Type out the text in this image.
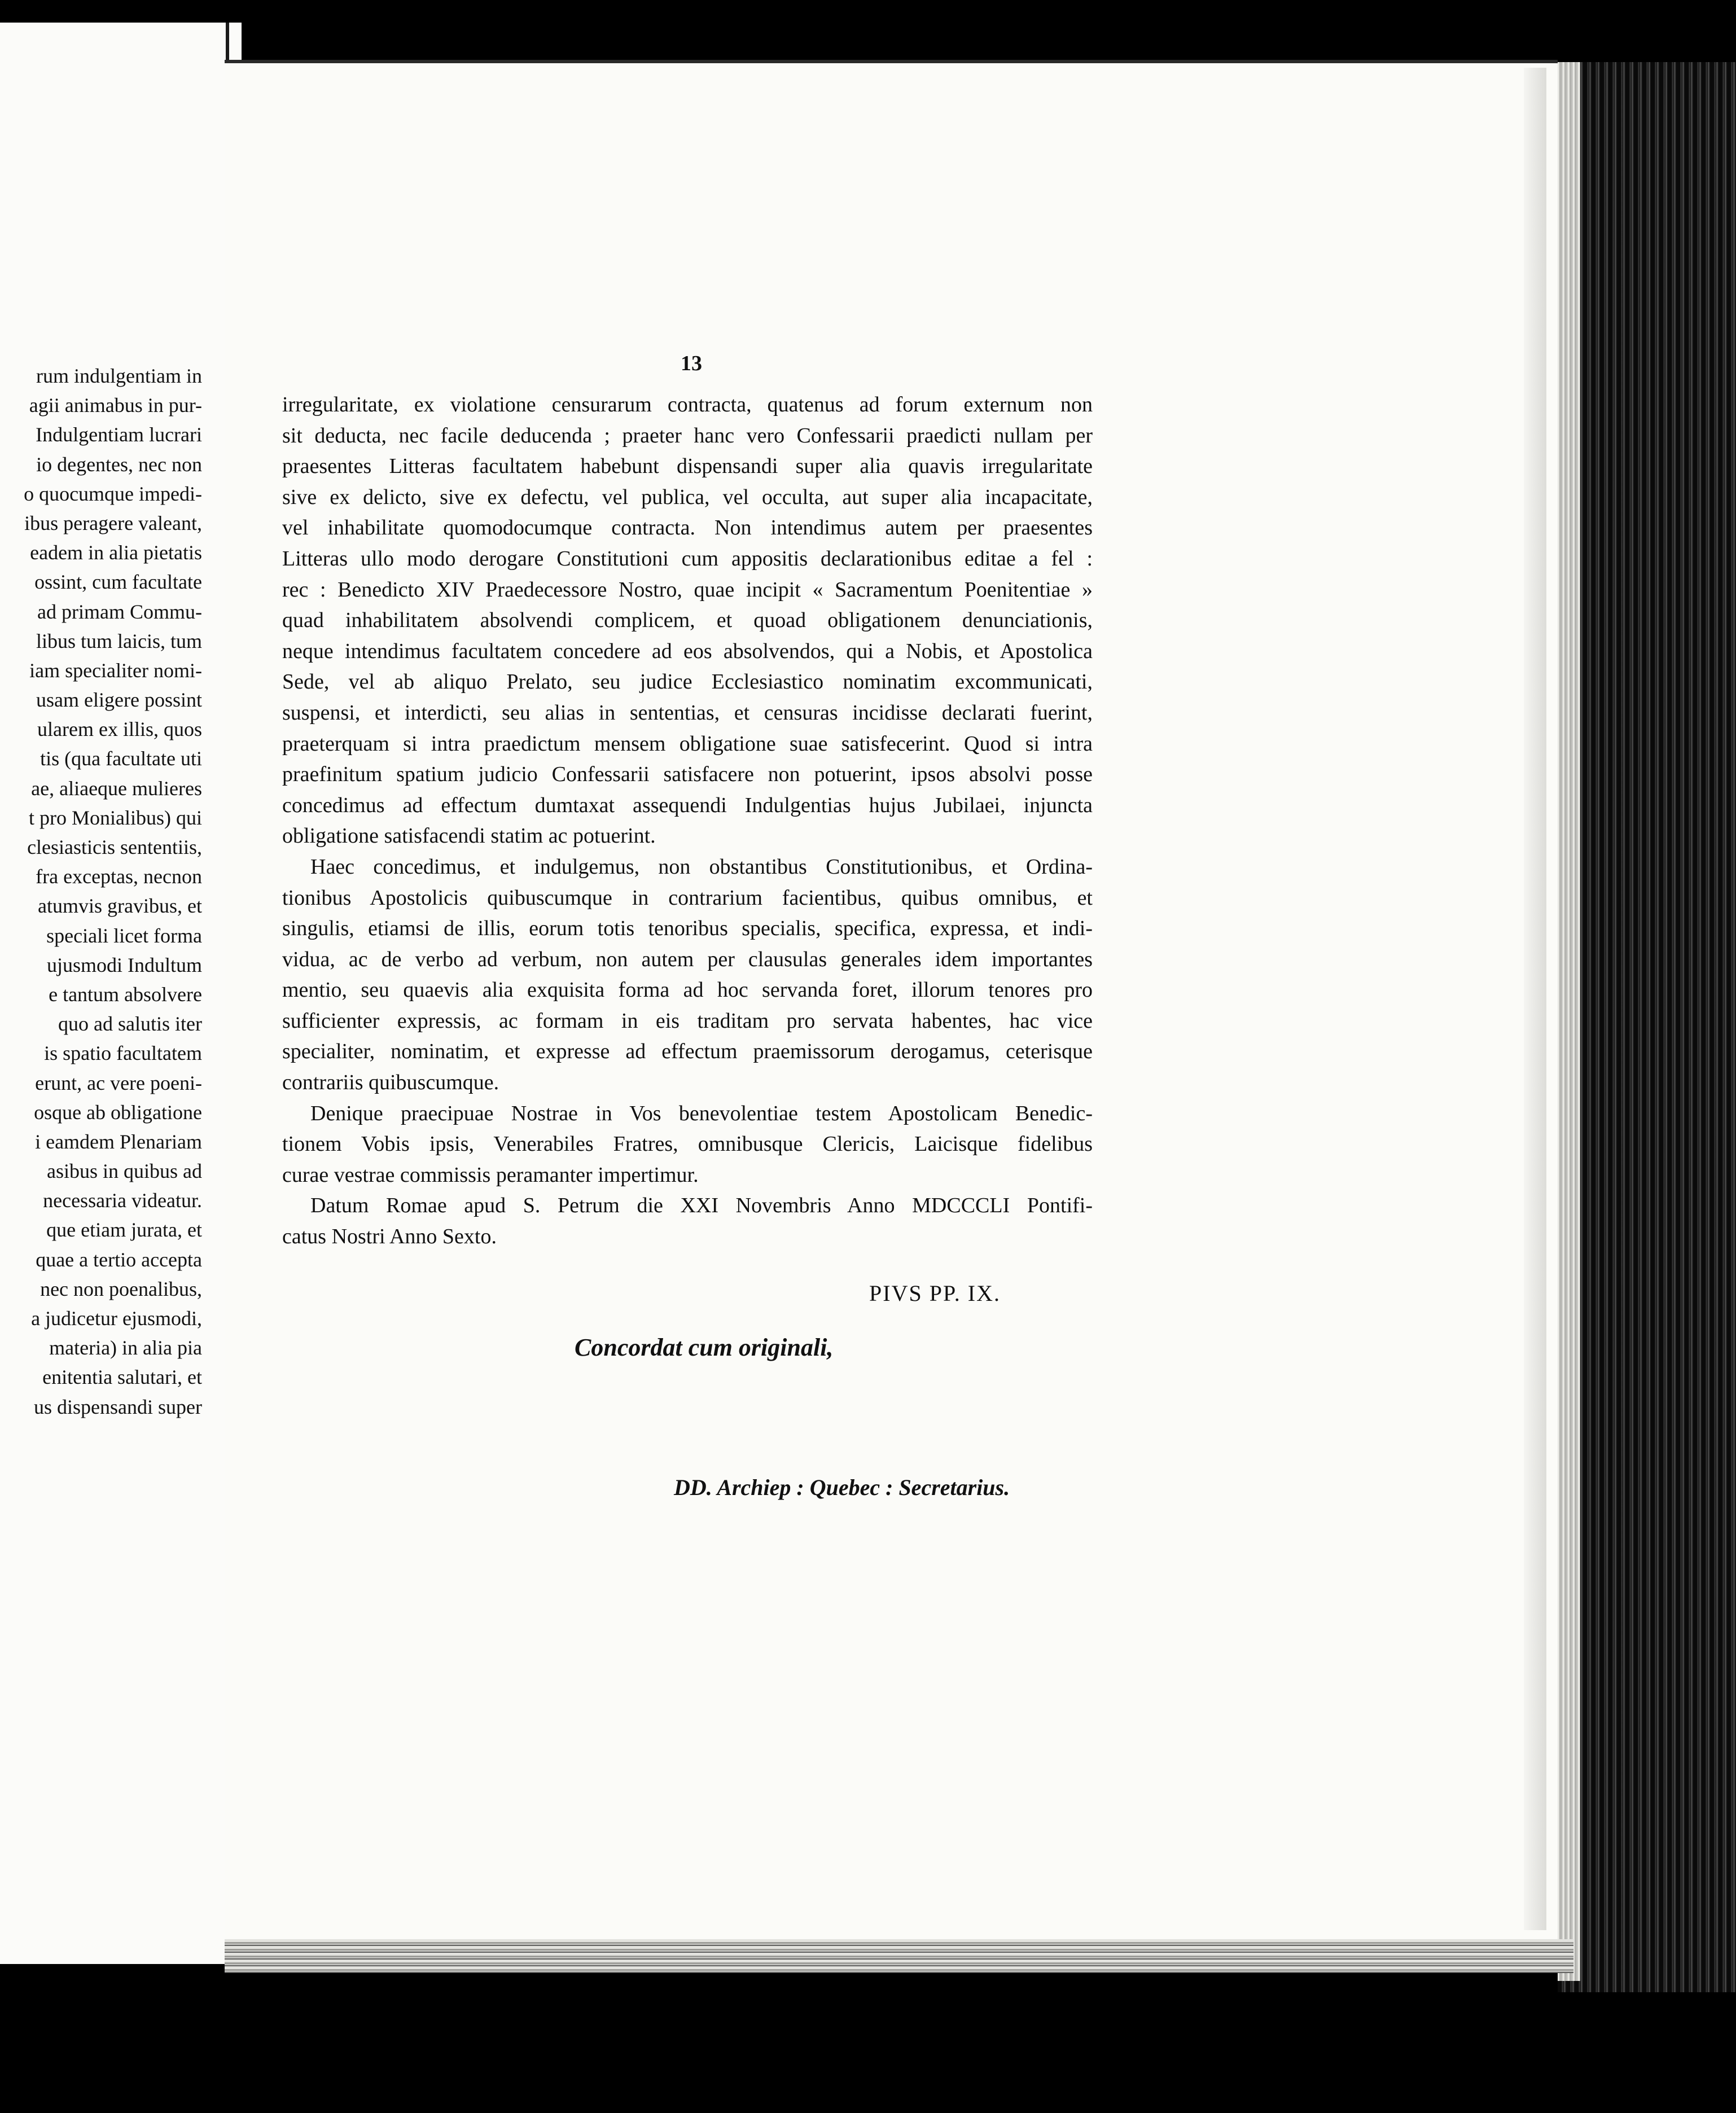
rum indulgentiam in
agii animabus in pur-
Indulgentiam lucrari
io degentes, nec non
o quocumque impedi-
ibus peragere valeant,
eadem in alia pietatis
ossint, cum facultate
ad primam Commu-
libus tum laicis, tum
iam specialiter nomi-
usam eligere possint
ularem ex illis, quos
tis (qua facultate uti
ae, aliaeque mulieres
t pro Monialibus) qui
clesiasticis sententiis,
fra exceptas, necnon
atumvis gravibus, et
speciali licet forma
ujusmodi Indultum
e tantum absolvere
quo ad salutis iter
is spatio facultatem
erunt, ac vere poeni-
osque ab obligatione
i eamdem Plenariam
asibus in quibus ad
necessaria videatur.
que etiam jurata, et
quae a tertio accepta
nec non poenalibus,
a judicetur ejusmodi,
materia) in alia pia
enitentia salutari, et
us dispensandi super
13
irregularitate, ex violatione censurarum contracta, quatenus ad forum externum non
sit deducta, nec facile deducenda ; praeter hanc vero Confessarii praedicti nullam per
praesentes Litteras facultatem habebunt dispensandi super alia quavis irregularitate
sive ex delicto, sive ex defectu, vel publica, vel occulta, aut super alia incapacitate,
vel inhabilitate quomodocumque contracta. Non intendimus autem per praesentes
Litteras ullo modo derogare Constitutioni cum appositis declarationibus editae a fel :
rec : Benedicto XIV Praedecessore Nostro, quae incipit « Sacramentum Poenitentiae »
quad inhabilitatem absolvendi complicem, et quoad obligationem denunciationis,
neque intendimus facultatem concedere ad eos absolvendos, qui a Nobis, et Apostolica
Sede, vel ab aliquo Prelato, seu judice Ecclesiastico nominatim excommunicati,
suspensi, et interdicti, seu alias in sententias, et censuras incidisse declarati fuerint,
praeterquam si intra praedictum mensem obligatione suae satisfecerint. Quod si intra
praefinitum spatium judicio Confessarii satisfacere non potuerint, ipsos absolvi posse
concedimus ad effectum dumtaxat assequendi Indulgentias hujus Jubilaei, injuncta
obligatione satisfacendi statim ac potuerint.
Haec concedimus, et indulgemus, non obstantibus Constitutionibus, et Ordina-
tionibus Apostolicis quibuscumque in contrarium facientibus, quibus omnibus, et
singulis, etiamsi de illis, eorum totis tenoribus specialis, specifica, expressa, et indi-
vidua, ac de verbo ad verbum, non autem per clausulas generales idem importantes
mentio, seu quaevis alia exquisita forma ad hoc servanda foret, illorum tenores pro
sufficienter expressis, ac formam in eis traditam pro servata habentes, hac vice
specialiter, nominatim, et expresse ad effectum praemissorum derogamus, ceterisque
contrariis quibuscumque.
Denique praecipuae Nostrae in Vos benevolentiae testem Apostolicam Benedic-
tionem Vobis ipsis, Venerabiles Fratres, omnibusque Clericis, Laicisque fidelibus
curae vestrae commissis peramanter impertimur.
Datum Romae apud S. Petrum die XXI Novembris Anno MDCCCLI Pontifi-
catus Nostri Anno Sexto.
PIVS PP. IX.
Concordat cum originali,
DD. Archiep : Quebec : Secretarius.
